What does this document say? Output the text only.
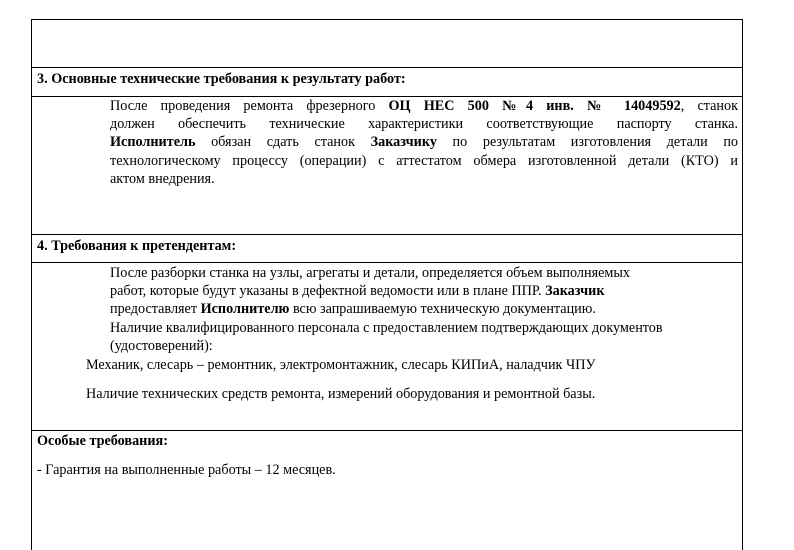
3. Основные технические требования к результату работ:
После проведения ремонта фрезерного ОЦ НЕС 500 №4 инв. № 14049592, станок
должен обеспечить технические характеристики соответствующие паспорту станка.
Исполнитель обязан сдать станок Заказчику по результатам изготовления детали по
технологическому процессу (операции) с аттестатом обмера изготовленной детали (КТО) и
актом внедрения.
4. Требования к претендентам:
После разборки станка на узлы, агрегаты и детали, определяется объем выполняемых
работ, которые будут указаны в дефектной ведомости или в плане ППР. Заказчик
предоставляет Исполнителю всю запрашиваемую техническую документацию.
Наличие квалифицированного персонала с предоставлением подтверждающих документов
(удостоверений):
Механик, слесарь – ремонтник, электромонтажник, слесарь КИПиА, наладчик ЧПУ
Наличие технических средств ремонта, измерений оборудования и ремонтной базы.
Особые требования:
- Гарантия на выполненные работы – 12 месяцев.
